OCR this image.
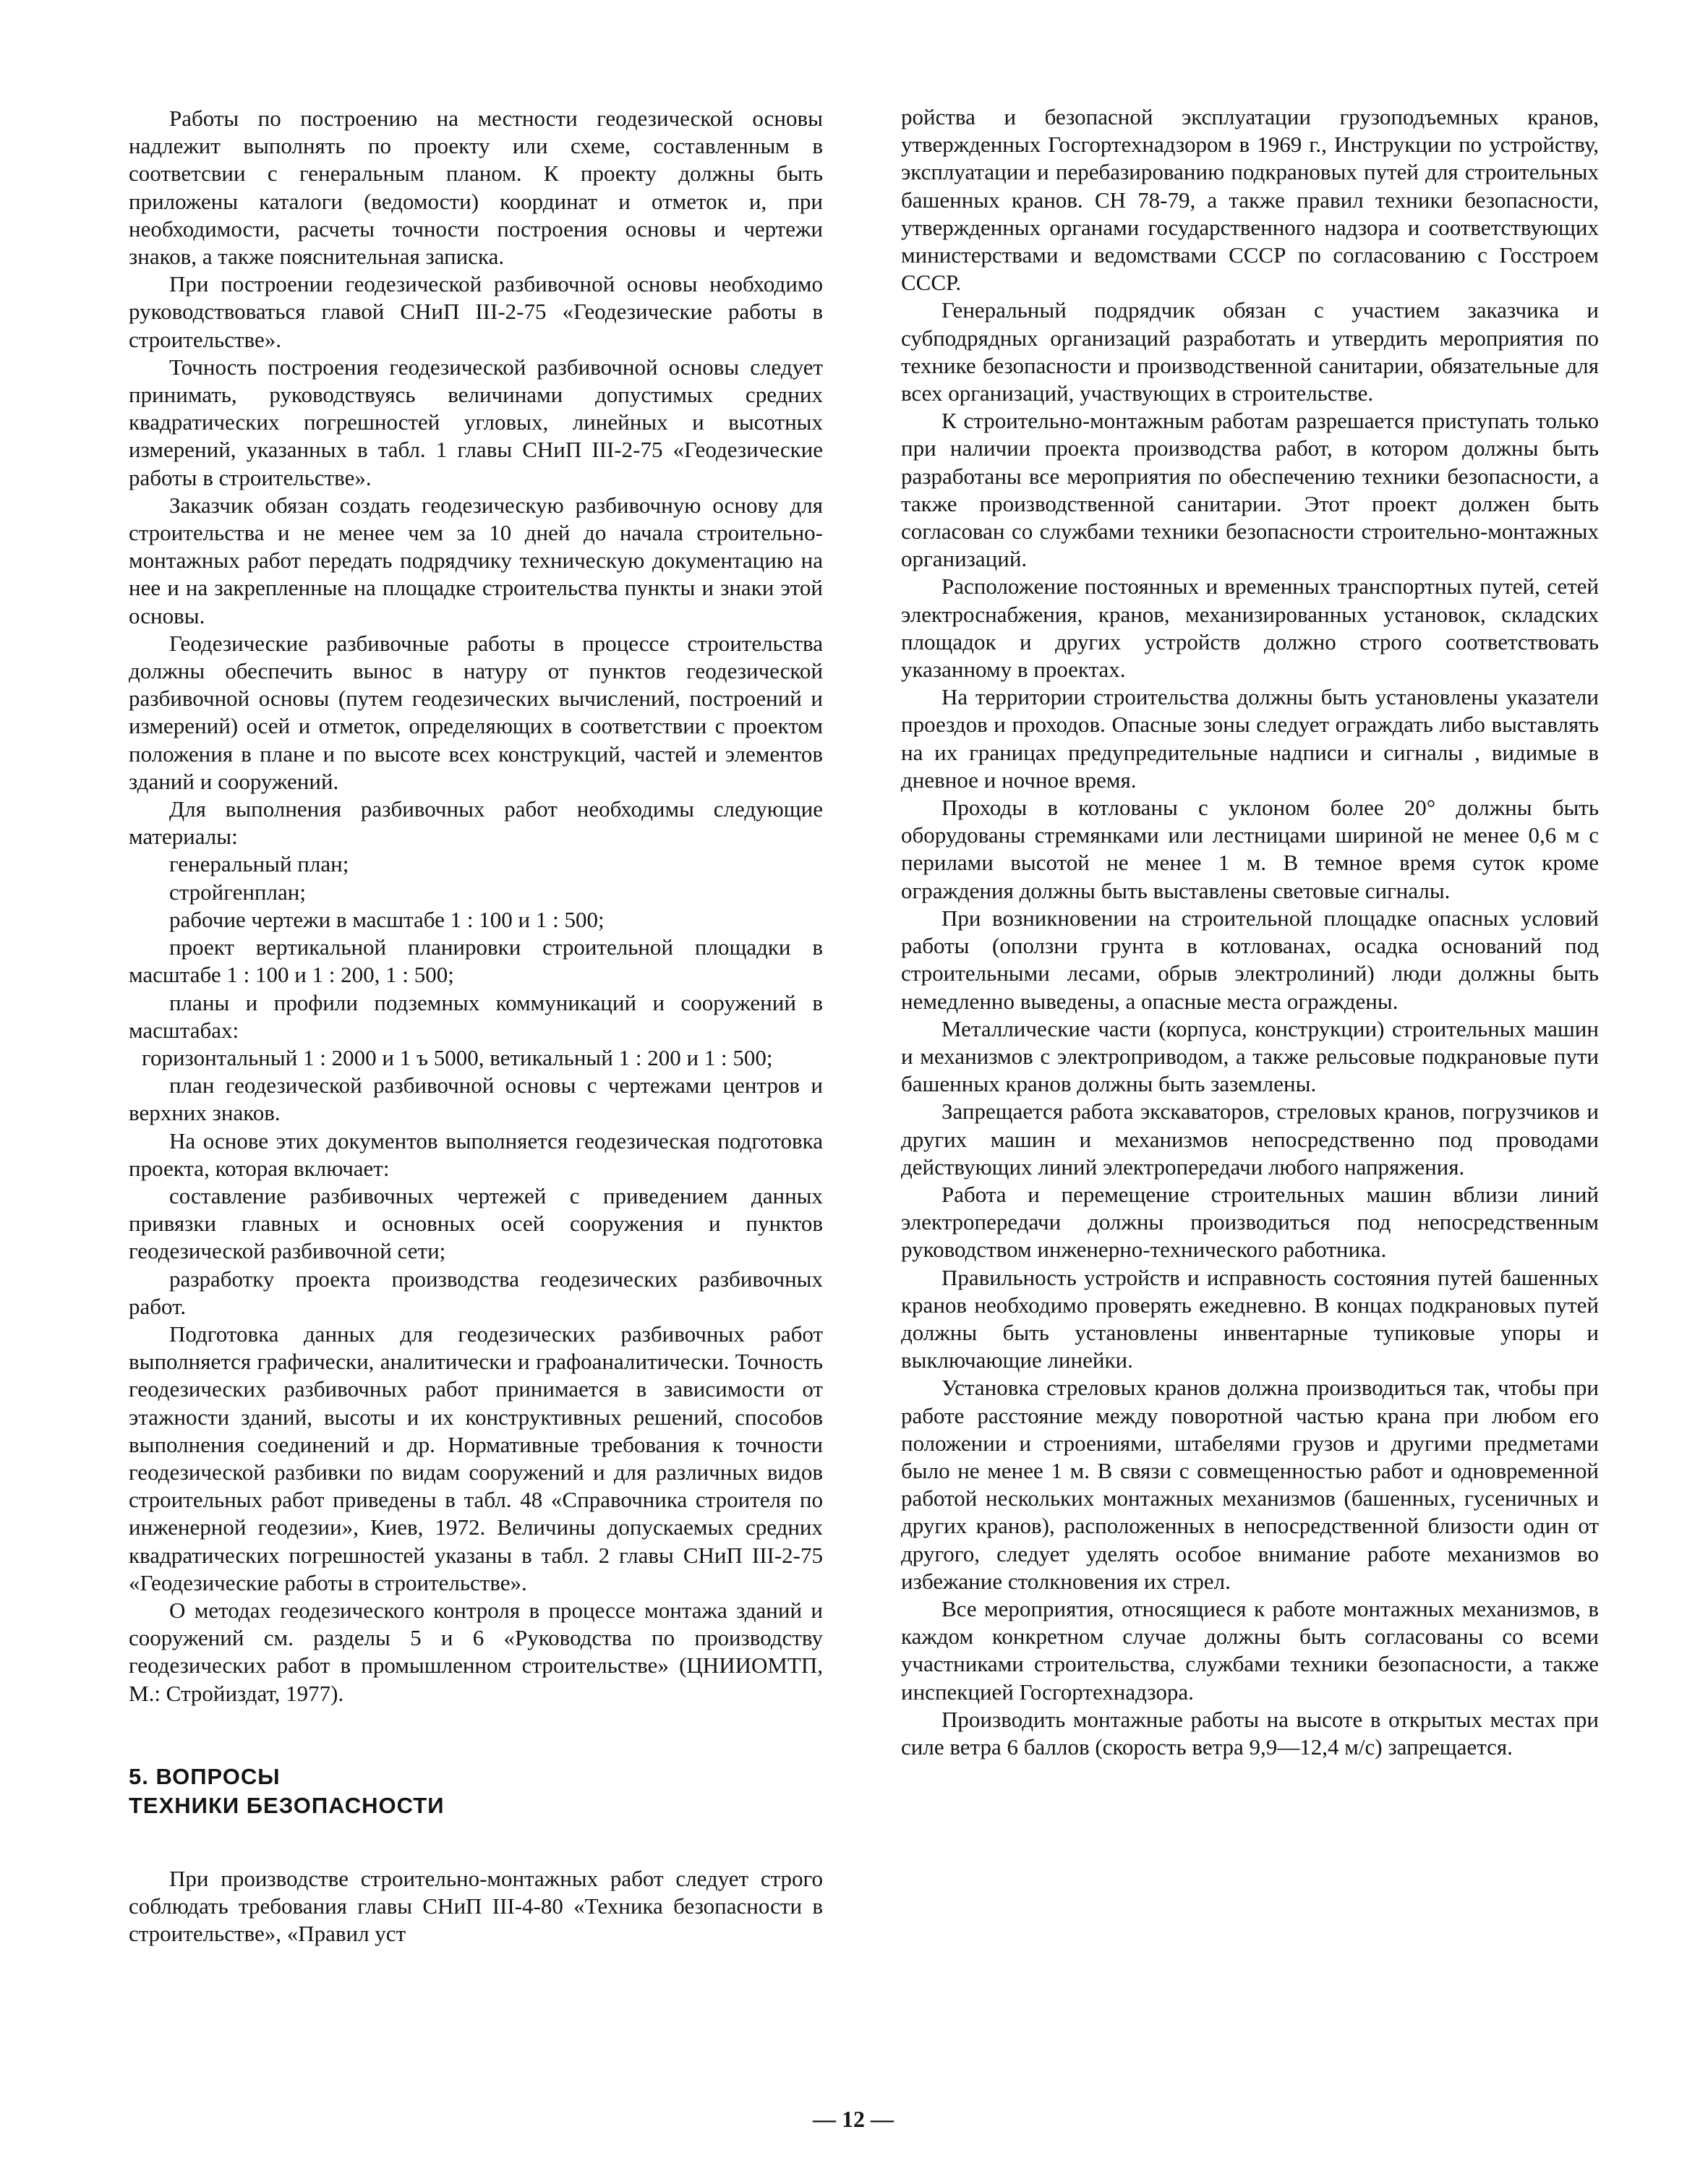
Работы по построению на местности геодезической основы надлежит выполнять по проекту или схеме, составленным в соответсвии с генеральным планом. К проекту должны быть приложены каталоги (ведомости) координат и отметок и, при необходимости, расчеты точности построения основы и чертежи знаков, а также пояснительная записка.

При построении геодезической разбивочной основы необходимо руководствоваться главой СНиП III-2-75 «Геодезические работы в строительстве».

Точность построения геодезической разбивочной основы следует принимать, руководствуясь величинами допустимых средних квадратических погрешностей угловых, линейных и высотных измерений, указанных в табл. 1 главы СНиП III-2-75 «Геодезические работы в строительстве».

Заказчик обязан создать геодезическую разбивочную основу для строительства и не менее чем за 10 дней до начала строительно-монтажных работ передать подрядчику техническую документацию на нее и на закрепленные на площадке строительства пункты и знаки этой основы.

Геодезические разбивочные работы в процессе строительства должны обеспечить вынос в натуру от пунктов геодезической разбивочной основы (путем геодезических вычислений, построений и измерений) осей и отметок, определяющих в соответствии с проектом положения в плане и по высоте всех конструкций, частей и элементов зданий и сооружений.

Для выполнения разбивочных работ необходимы следующие материалы:

генеральный план;

стройгенплан;

рабочие чертежи в масштабе 1 : 100 и 1 : 500;

проект вертикальной планировки строительной площадки в масштабе 1 : 100 и 1 : 200, 1 : 500;

планы и профили подземных коммуникаций и сооружений в масштабах:

горизонтальный 1 : 2000 и 1 ъ 5000, ветикальный 1 : 200 и 1 : 500;

план геодезической разбивочной основы с чертежами центров и верхних знаков.

На основе этих документов выполняется геодезическая подготовка проекта, которая включает:

составление разбивочных чертежей с приведением данных привязки главных и основных осей сооружения и пунктов геодезической разбивочной сети;

разработку проекта производства геодезических разбивочных работ.

Подготовка данных для геодезических разбивочных работ выполняется графически, аналитически и графоаналитически. Точность геодезических разбивочных работ принимается в зависимости от этажности зданий, высоты и их конструктивных решений, способов выполнения соединений и др. Нормативные требования к точности геодезической разбивки по видам сооружений и для различных видов строительных работ приведены в табл. 48 «Справочника строителя по инженерной геодезии», Киев, 1972. Величины допускаемых средних квадратических погрешностей указаны в табл. 2 главы СНиП III-2-75 «Геодезические работы в строительстве».

О методах геодезического контроля в процессе монтажа зданий и сооружений см. разделы 5 и 6 «Руководства по производству геодезических работ в промышленном строительстве» (ЦНИИОМТП, М.: Стройиздат, 1977).

5. ВОПРОСЫ
ТЕХНИКИ БЕЗОПАСНОСТИ

При производстве строительно-монтажных работ следует строго соблюдать требования главы СНиП III-4-80 «Техника безопасности в строительстве», «Правил уст

ройства и безопасной эксплуатации грузоподъемных кранов, утвержденных Госгортехнадзором в 1969 г., Инструкции по устройству, эксплуатации и перебазированию подкрановых путей для строительных башенных кранов. СН 78-79, а также правил техники безопасности, утвержденных органами государственного надзора и соответствующих министерствами и ведомствами СССР по согласованию с Госстроем СССР.

Генеральный подрядчик обязан с участием заказчика и субподрядных организаций разработать и утвердить мероприятия по технике безопасности и производственной санитарии, обязательные для всех организаций, участвующих в строительстве.

К строительно-монтажным работам разрешается приступать только при наличии проекта производства работ, в котором должны быть разработаны все мероприятия по обеспечению техники безопасности, а также производственной санитарии. Этот проект должен быть согласован со службами техники безопасности строительно-монтажных организаций.

Расположение постоянных и временных транспортных путей, сетей электроснабжения, кранов, механизированных установок, складских площадок и других устройств должно строго соответствовать указанному в проектах.

На территории строительства должны быть установлены указатели проездов и проходов. Опасные зоны следует ограждать либо выставлять на их границах предупредительные надписи и сигналы , видимые в дневное и ночное время.

Проходы в котлованы с уклоном более 20° должны быть оборудованы стремянками или лестницами шириной не менее 0,6 м с перилами высотой не менее 1 м. В темное время суток кроме ограждения должны быть выставлены световые сигналы.

При возникновении на строительной площадке опасных условий работы (оползни грунта в котлованах, осадка оснований под строительными лесами, обрыв электролиний) люди должны быть немедленно выведены, а опасные места ограждены.

Металлические части (корпуса, конструкции) строительных машин и механизмов с электроприводом, а также рельсовые подкрановые пути башенных кранов должны быть заземлены.

Запрещается работа экскаваторов, стреловых кранов, погрузчиков и других машин и механизмов непосредственно под проводами действующих линий электропередачи любого напряжения.

Работа и перемещение строительных машин вблизи линий электропередачи должны производиться под непосредственным руководством инженерно-технического работника.

Правильность устройств и исправность состояния путей башенных кранов необходимо проверять ежедневно. В концах подкрановых путей должны быть установлены инвентарные тупиковые упоры и выключающие линейки.

Установка стреловых кранов должна производиться так, чтобы при работе расстояние между поворотной частью крана при любом его положении и строениями, штабелями грузов и другими предметами было не менее 1 м. В связи с совмещенностью работ и одновременной работой нескольких монтажных механизмов (башенных, гусеничных и других кранов), расположенных в непосредственной близости один от другого, следует уделять особое внимание работе механизмов во избежание столкновения их стрел.

Все мероприятия, относящиеся к работе монтажных механизмов, в каждом конкретном случае должны быть согласованы со всеми участниками строительства, службами техники безопасности, а также инспекцией Госгортехнадзора.

Производить монтажные работы на высоте в открытых местах при силе ветра 6 баллов (скорость ветра 9,9—12,4 м/с) запрещается.

— 12 —
